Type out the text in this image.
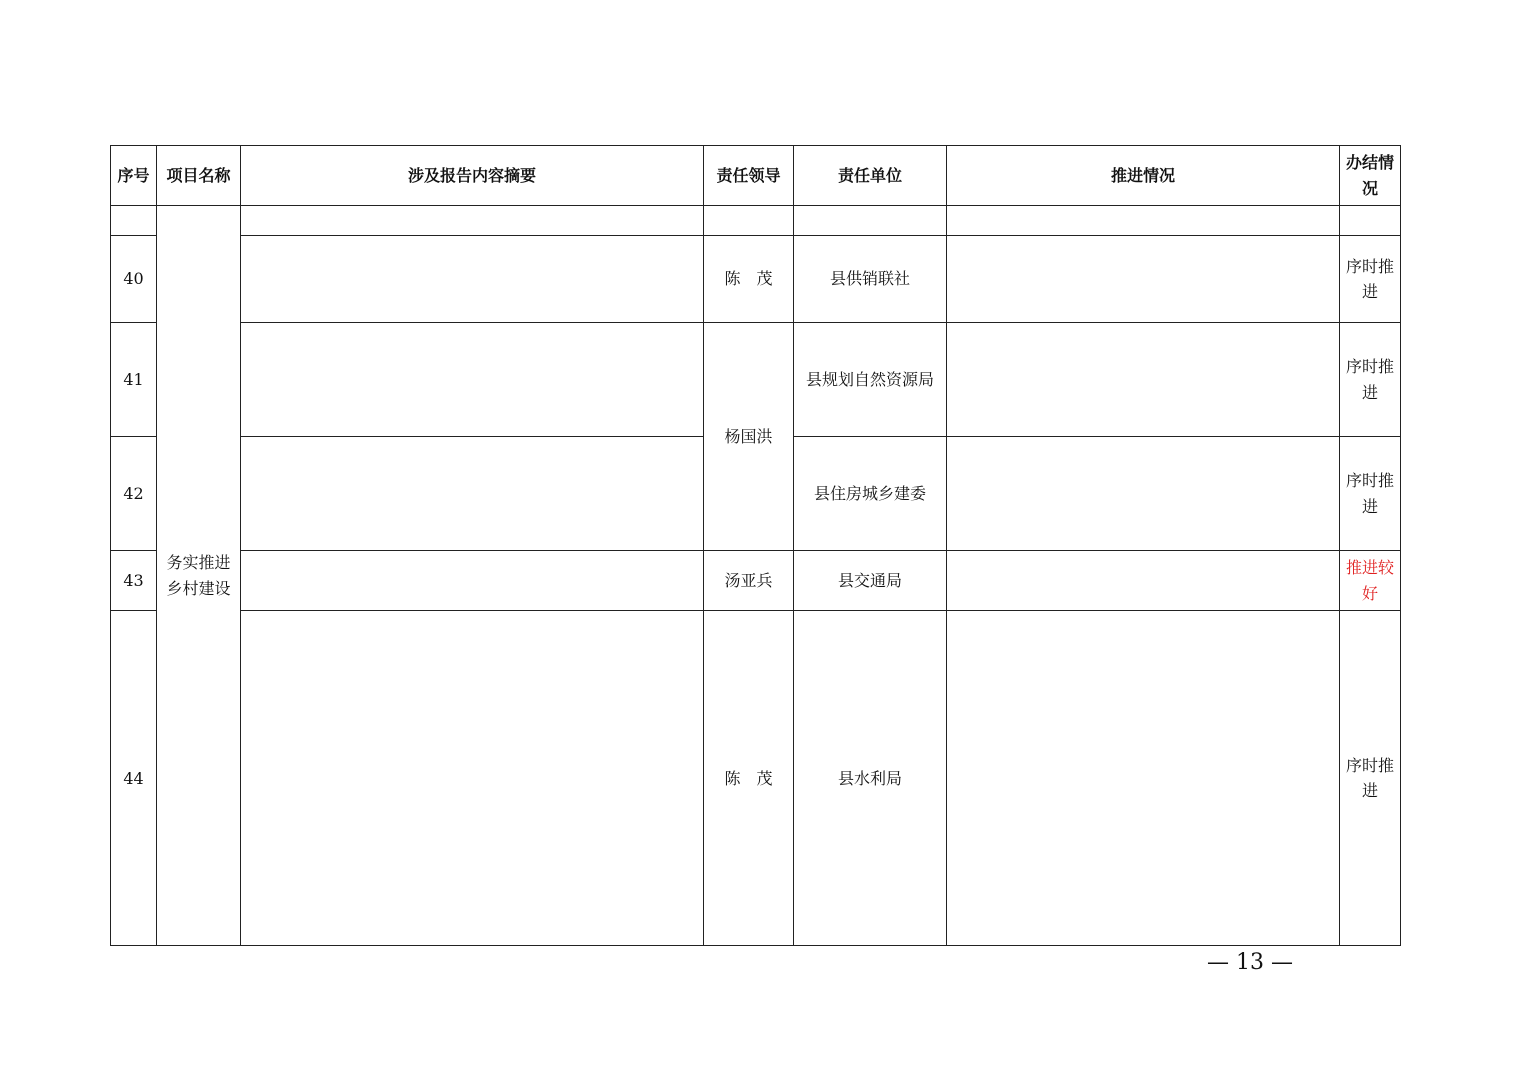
序号	项目名称	涉及报告内容摘要	责任领导	责任单位	推进情况	办结情况
	务实推进乡村建设					
40			陈　茂	县供销联社		序时推进
41			杨国洪	县规划自然资源局		序时推进
42				县住房城乡建委		序时推进
43			汤亚兵	县交通局		推进较好
44			陈　茂	县水利局		序时推进
— 13 —
